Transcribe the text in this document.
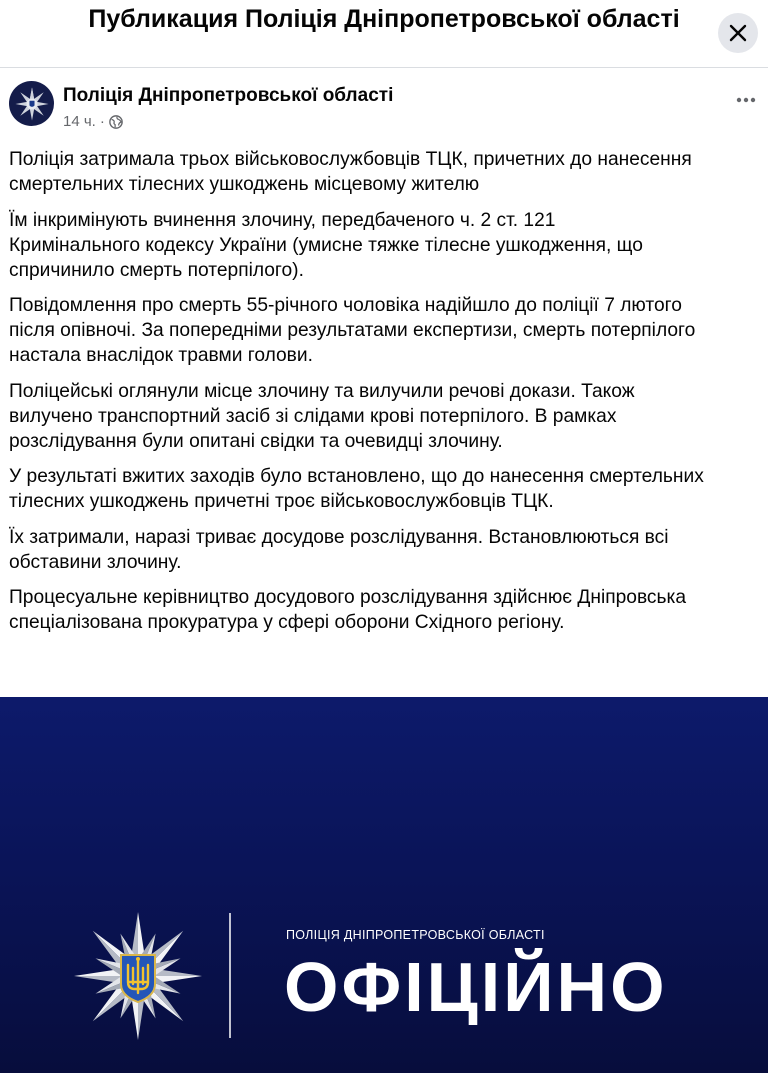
Публикация Поліція Дніпропетровської області
Поліція Дніпропетровської області
14 ч. ·

Поліція затримала трьох військовослужбовців ТЦК, причетних до нанесення
смертельних тілесних ушкоджень місцевому жителю

Їм інкримінують вчинення злочину, передбаченого ч. 2 ст. 121
Кримінального кодексу України (умисне тяжке тілесне ушкодження, що
спричинило смерть потерпілого).

Повідомлення про смерть 55-річного чоловіка надійшло до поліції 7 лютого
після опівночі. За попередніми результатами експертизи, смерть потерпілого
настала внаслідок травми голови.

Поліцейські оглянули місце злочину та вилучили речові докази. Також
вилучено транспортний засіб зі слідами крові потерпілого. В рамках
розслідування були опитані свідки та очевидці злочину.

У результаті вжитих заходів було встановлено, що до нанесення смертельних
тілесних ушкоджень причетні троє військовослужбовців ТЦК.

Їх затримали, наразі триває досудове розслідування. Встановлюються всі
обставини злочину.

Процесуальне керівництво досудового розслідування здійснює Дніпровська
спеціалізована прокуратура у сфері оборони Східного регіону.

ПОЛІЦІЯ ДНІПРОПЕТРОВСЬКОЇ ОБЛАСТІ
ОФІЦІЙНО
